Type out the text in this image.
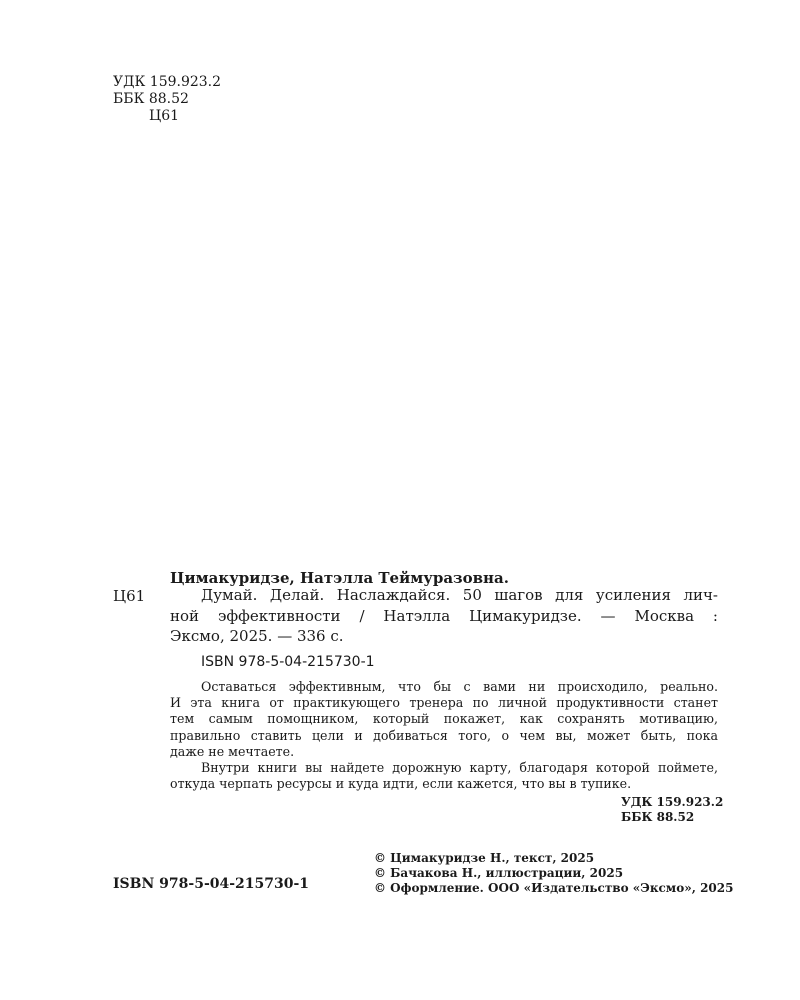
УДК 159.923.2
ББК 88.52
Ц61
Цимакуридзе, Натэлла Теймуразовна.
Ц61	Думай. Делай. Наслаждайся. 50 шагов для усиления лич-
ной эффективности / Натэлла Цимакуридзе. — Москва :
Эксмо, 2025. — 336 с.
ISBN 978-5-04-215730-1
Оставаться эффективным, что бы с вами ни происходило, реально.
И эта книга от практикующего тренера по личной продуктивности станет
тем самым помощником, который покажет, как сохранять мотивацию,
правильно ставить цели и добиваться того, о чем вы, может быть, пока
даже не мечтаете.
Внутри книги вы найдете дорожную карту, благодаря которой поймете,
откуда черпать ресурсы и куда идти, если кажется, что вы в тупике.
УДК 159.923.2
ББК 88.52
ISBN 978-5-04-215730-1
© Цимакуридзе Н., текст, 2025
© Бачакова Н., иллюстрации, 2025
© Оформление. ООО «Издательство «Эксмо», 2025
